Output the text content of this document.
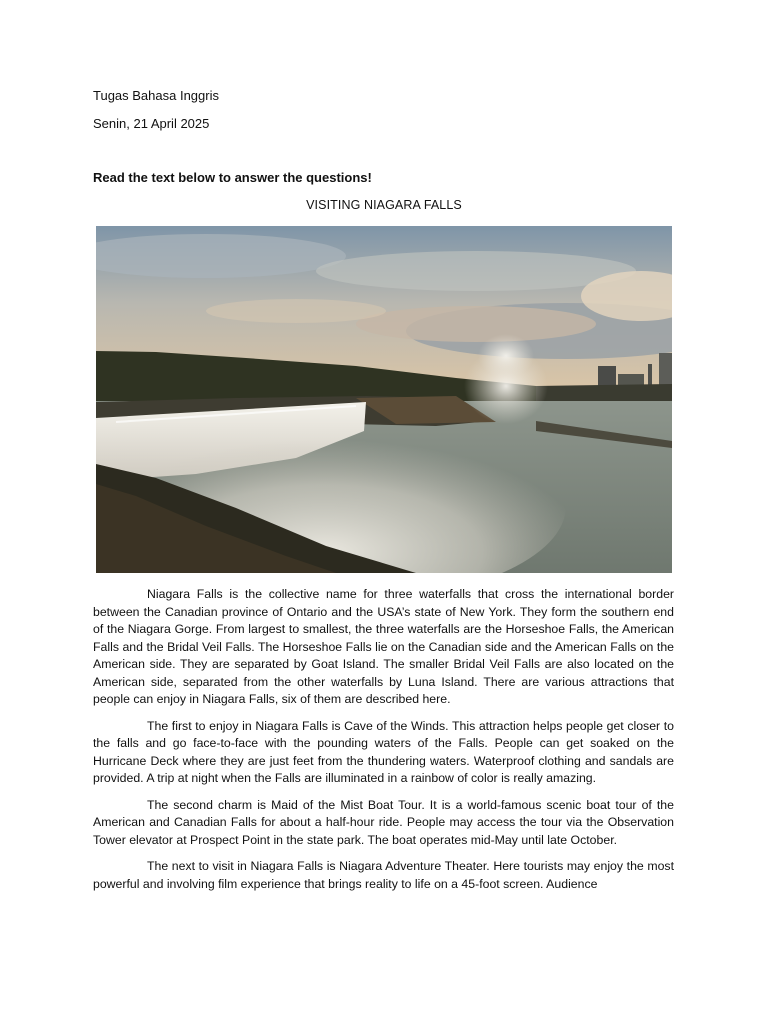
Tugas Bahasa Inggris
Senin, 21 April 2025
Read the text below to answer the questions!
VISITING NIAGARA FALLS

Niagara Falls is the collective name for three waterfalls that cross the international border between the Canadian province of Ontario and the USA’s state of New York. They form the southern end of the Niagara Gorge. From largest to smallest, the three waterfalls are the Horseshoe Falls, the American Falls and the Bridal Veil Falls. The Horseshoe Falls lie on the Canadian side and the American Falls on the American side. They are separated by Goat Island. The smaller Bridal Veil Falls are also located on the American side, separated from the other waterfalls by Luna Island. There are various attractions that people can enjoy in Niagara Falls, six of them are described here.

The first to enjoy in Niagara Falls is Cave of the Winds. This attraction helps people get closer to the falls and go face-to-face with the pounding waters of the Falls. People can get soaked on the Hurricane Deck where they are just feet from the thundering waters. Waterproof clothing and sandals are provided. A trip at night when the Falls are illuminated in a rainbow of color is really amazing.

The second charm is Maid of the Mist Boat Tour. It is a world-famous scenic boat tour of the American and Canadian Falls for about a half-hour ride. People may access the tour via the Observation Tower elevator at Prospect Point in the state park. The boat operates mid-May until late October.

The next to visit in Niagara Falls is Niagara Adventure Theater. Here tourists may enjoy the most powerful and involving film experience that brings reality to life on a 45-foot screen. Audience
